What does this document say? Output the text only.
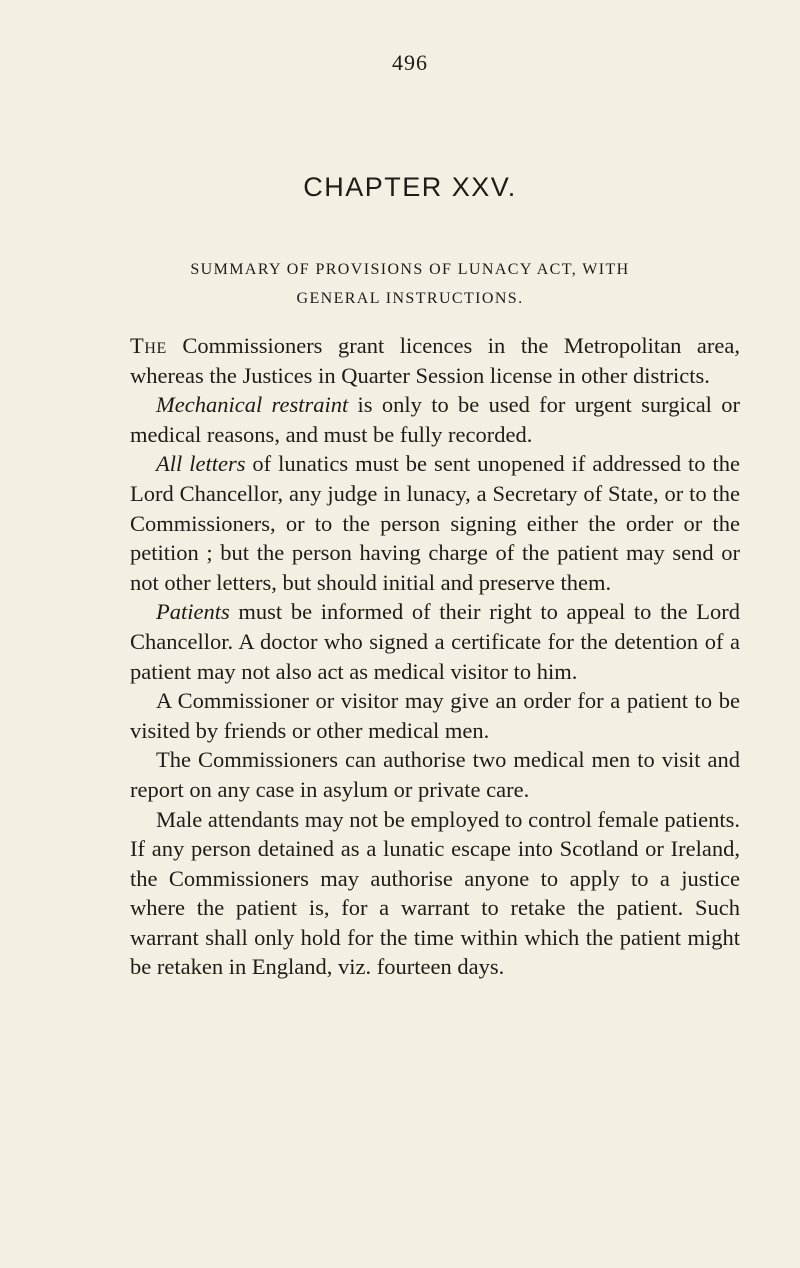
496
CHAPTER XXV.
SUMMARY OF PROVISIONS OF LUNACY ACT, WITH
GENERAL INSTRUCTIONS.

The Commissioners grant licences in the Metropolitan area, whereas the Justices in Quarter Session license in other districts.

Mechanical restraint is only to be used for urgent surgical or medical reasons, and must be fully recorded.

All letters of lunatics must be sent unopened if addressed to the Lord Chancellor, any judge in lunacy, a Secretary of State, or to the Commissioners, or to the person signing either the order or the petition ; but the person having charge of the patient may send or not other letters, but should initial and preserve them.

Patients must be informed of their right to appeal to the Lord Chancellor. A doctor who signed a certificate for the detention of a patient may not also act as medical visitor to him.

A Commissioner or visitor may give an order for a patient to be visited by friends or other medical men.

The Commissioners can authorise two medical men to visit and report on any case in asylum or private care.

Male attendants may not be employed to control female patients. If any person detained as a lunatic escape into Scotland or Ireland, the Commissioners may authorise anyone to apply to a justice where the patient is, for a warrant to retake the patient. Such warrant shall only hold for the time within which the patient might be retaken in England, viz. fourteen days.
